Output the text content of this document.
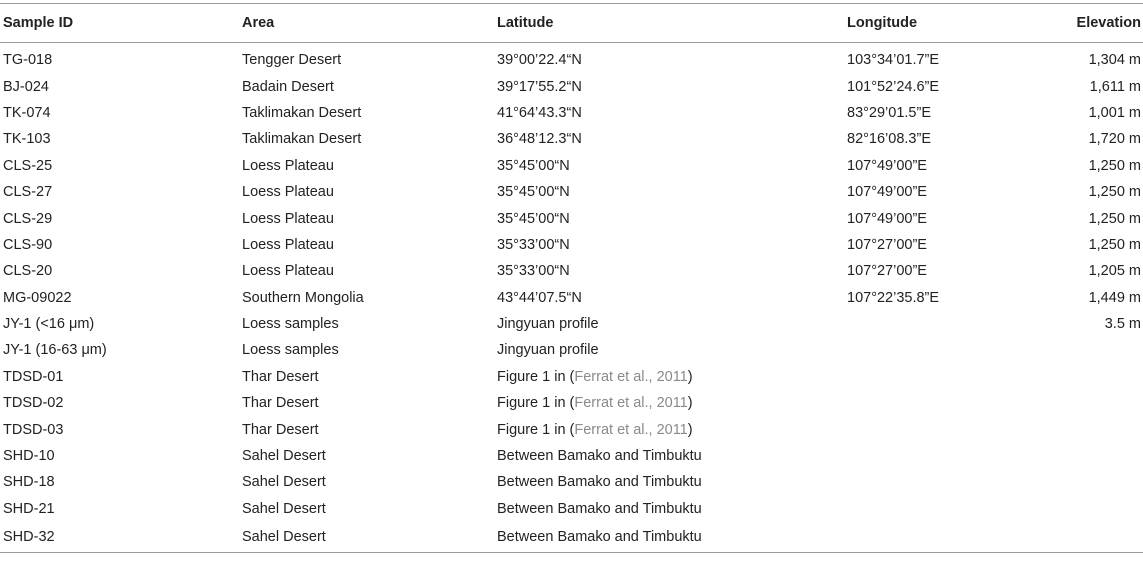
Sample ID	Area	Latitude	Longitude	Elevation
TG-018	Tengger Desert	39°00’22.4“N	103°34’01.7”E	1,304 m
BJ-024	Badain Desert	39°17’55.2“N	101°52’24.6”E	1,611 m
TK-074	Taklimakan Desert	41°64’43.3“N	83°29’01.5”E	1,001 m
TK-103	Taklimakan Desert	36°48’12.3“N	82°16’08.3”E	1,720 m
CLS-25	Loess Plateau	35°45’00“N	107°49’00”E	1,250 m
CLS-27	Loess Plateau	35°45’00“N	107°49’00”E	1,250 m
CLS-29	Loess Plateau	35°45’00“N	107°49’00”E	1,250 m
CLS-90	Loess Plateau	35°33’00“N	107°27’00”E	1,250 m
CLS-20	Loess Plateau	35°33’00“N	107°27’00”E	1,205 m
MG-09022	Southern Mongolia	43°44’07.5“N	107°22’35.8”E	1,449 m
JY-1 (<16 μm)	Loess samples	Jingyuan profile		3.5 m
JY-1 (16-63 μm)	Loess samples	Jingyuan profile		
TDSD-01	Thar Desert	Figure 1 in (Ferrat et al., 2011)		
TDSD-02	Thar Desert	Figure 1 in (Ferrat et al., 2011)		
TDSD-03	Thar Desert	Figure 1 in (Ferrat et al., 2011)		
SHD-10	Sahel Desert	Between Bamako and Timbuktu		
SHD-18	Sahel Desert	Between Bamako and Timbuktu		
SHD-21	Sahel Desert	Between Bamako and Timbuktu		
SHD-32	Sahel Desert	Between Bamako and Timbuktu		
